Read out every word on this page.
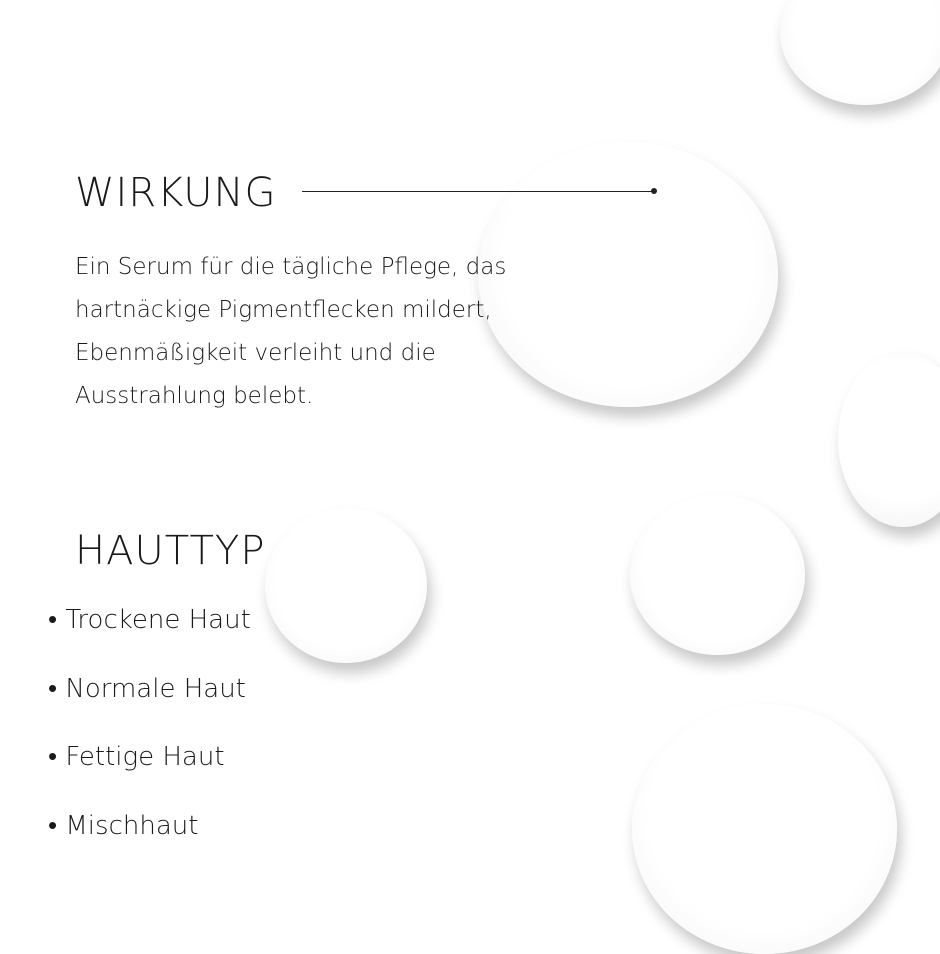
WIRKUNG
Ein Serum für die tägliche Pflege, das hartnäckige Pigmentflecken mildert, Ebenmäßigkeit verleiht und die Ausstrahlung belebt.
HAUTTYP
• Trockene Haut
• Normale Haut
• Fettige Haut
• Mischhaut
